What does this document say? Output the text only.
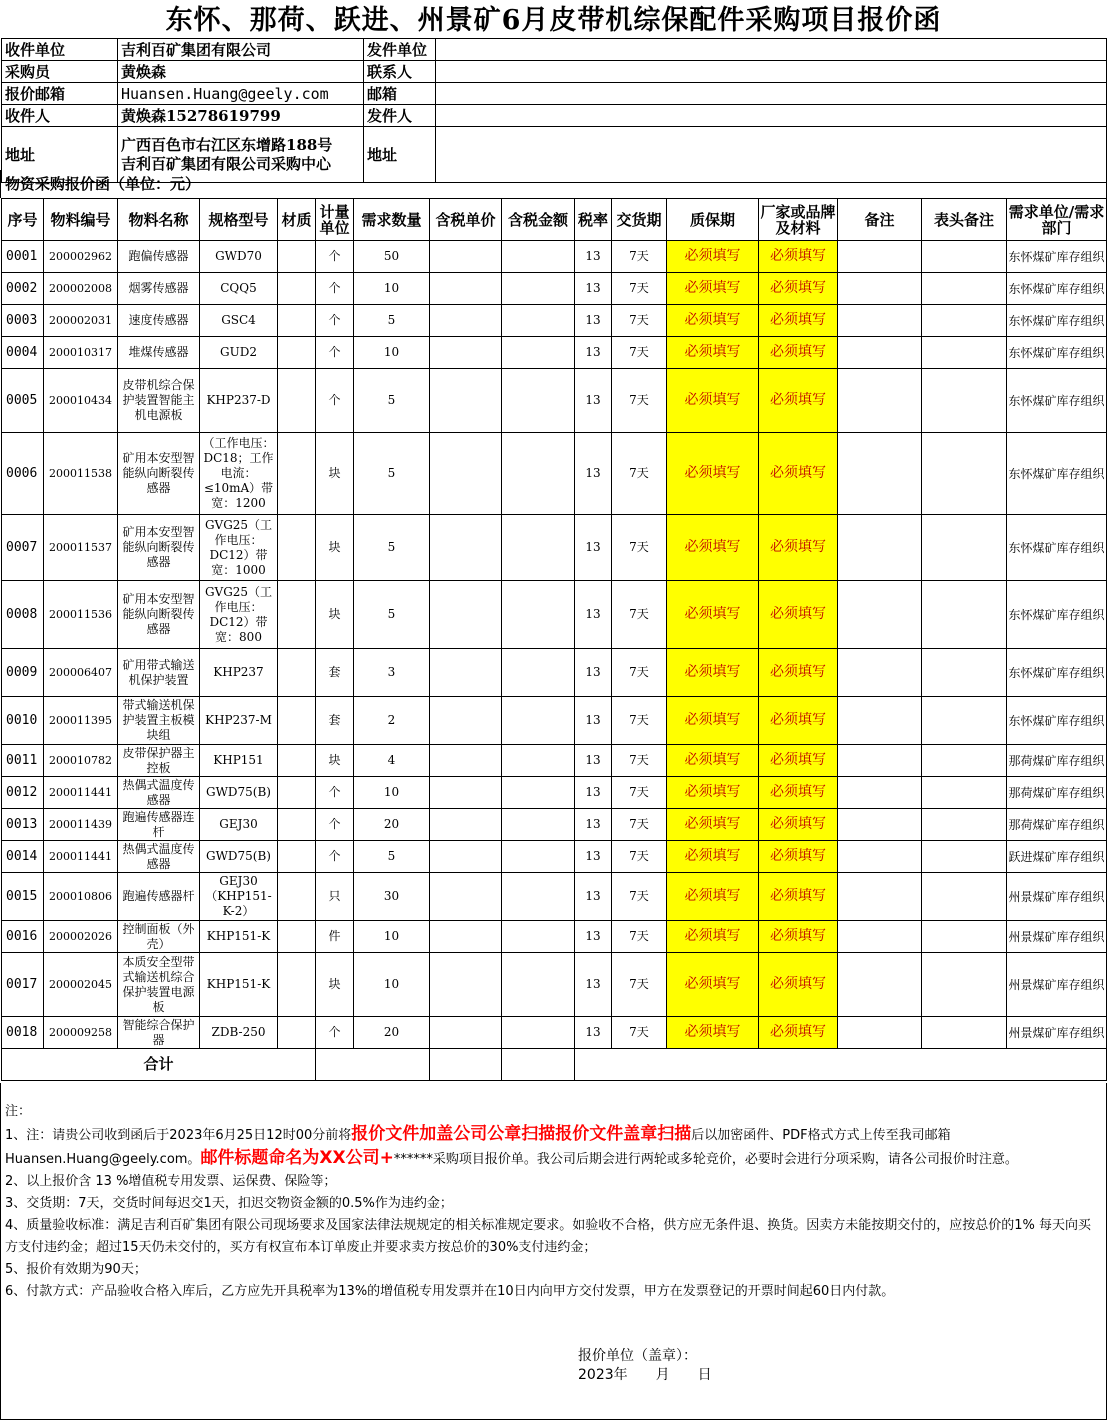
东怀、那荷、跃进、州景矿6月皮带机综保配件采购项目报价函
收件单位	吉利百矿集团有限公司	发件单位	
采购员	黄焕森	联系人	
报价邮箱	Huansen.Huang@geely.com	邮箱	
收件人	黄焕森15278619799	发件人	
地址	广西百色市右江区东增路188号
吉利百矿集团有限公司采购中心	地址	
物资采购报价函（单位：元）
序号	物料编号	物料名称	规格型号	材质	计量单位	需求数量	含税单价	含税金额	税率	交货期	质保期	厂家或品牌及材料	备注	表头备注	需求单位/需求部门
0001	200002962	跑偏传感器	GWD70		个	50			13	7天	必须填写	必须填写			东怀煤矿库存组织
0002	200002008	烟雾传感器	CQQ5		个	10			13	7天	必须填写	必须填写			东怀煤矿库存组织
0003	200002031	速度传感器	GSC4		个	5			13	7天	必须填写	必须填写			东怀煤矿库存组织
0004	200010317	堆煤传感器	GUD2		个	10			13	7天	必须填写	必须填写			东怀煤矿库存组织
0005	200010434	皮带机综合保护装置智能主机电源板	KHP237-D		个	5			13	7天	必须填写	必须填写			东怀煤矿库存组织
0006	200011538	矿用本安型智能纵向断裂传感器	（工作电压：DC18；工作电流：≤10mA）带宽：1200		块	5			13	7天	必须填写	必须填写			东怀煤矿库存组织
0007	200011537	矿用本安型智能纵向断裂传感器	GVG25（工作电压：DC12）带宽：1000		块	5			13	7天	必须填写	必须填写			东怀煤矿库存组织
0008	200011536	矿用本安型智能纵向断裂传感器	GVG25（工作电压：DC12）带宽：800		块	5			13	7天	必须填写	必须填写			东怀煤矿库存组织
0009	200006407	矿用带式输送机保护装置	KHP237		套	3			13	7天	必须填写	必须填写			东怀煤矿库存组织
0010	200011395	带式输送机保护装置主板模块组	KHP237-M		套	2			13	7天	必须填写	必须填写			东怀煤矿库存组织
0011	200010782	皮带保护器主控板	KHP151		块	4			13	7天	必须填写	必须填写			那荷煤矿库存组织
0012	200011441	热偶式温度传感器	GWD75(B)		个	10			13	7天	必须填写	必须填写			那荷煤矿库存组织
0013	200011439	跑遍传感器连杆	GEJ30		个	20			13	7天	必须填写	必须填写			那荷煤矿库存组织
0014	200011441	热偶式温度传感器	GWD75(B)		个	5			13	7天	必须填写	必须填写			跃进煤矿库存组织
0015	200010806	跑遍传感器杆	GEJ30（KHP151-K-2）		只	30			13	7天	必须填写	必须填写			州景煤矿库存组织
0016	200002026	控制面板（外壳）	KHP151-K		件	10			13	7天	必须填写	必须填写			州景煤矿库存组织
0017	200002045	本质安全型带式输送机综合保护装置电源板	KHP151-K		块	10			13	7天	必须填写	必须填写			州景煤矿库存组织
0018	200009258	智能综合保护器	ZDB-250		个	20			13	7天	必须填写	必须填写			州景煤矿库存组织
合计															
注：
1、注：请贵公司收到函后于2023年6月25日12时00分前将报价文件加盖公司公章扫描报价文件盖章扫描后以加密函件、PDF格式方式上传至我司邮箱Huansen.Huang@geely.com。邮件标题命名为XX公司+******采购项目报价单。我公司后期会进行两轮或多轮竞价，必要时会进行分项采购，请各公司报价时注意。
2、以上报价含 13 %增值税专用发票、运保费、保险等；
3、交货期：7天，交货时间每迟交1天，扣迟交物资金额的0.5%作为违约金；
4、质量验收标准：满足吉利百矿集团有限公司现场要求及国家法律法规规定的相关标准规定要求。如验收不合格，供方应无条件退、换货。因卖方未能按期交付的，应按总价的1% 每天向买方支付违约金；超过15天仍未交付的，买方有权宣布本订单废止并要求卖方按总价的30%支付违约金；
5、报价有效期为90天；
6、付款方式：产品验收合格入库后，乙方应先开具税率为13%的增值税专用发票并在10日内向甲方交付发票，甲方在发票登记的开票时间起60日内付款。
报价单位（盖章）：
2023年　　月　　日
